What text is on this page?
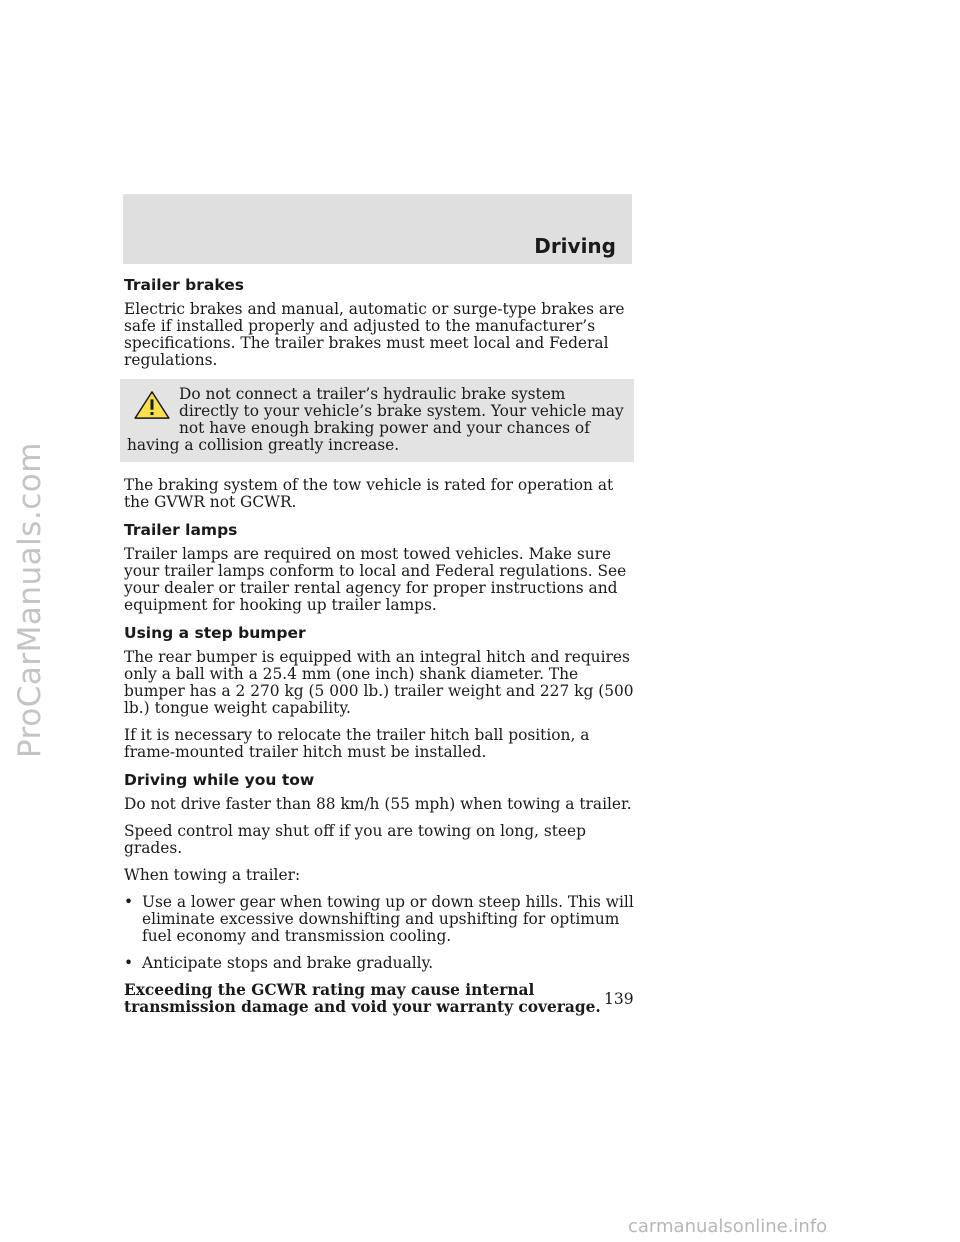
ProCarManuals.com
Driving
Trailer brakes

Electric brakes and manual, automatic or surge-type brakes are safe if installed properly and adjusted to the manufacturer’s specifications. The trailer brakes must meet local and Federal regulations.

Do not connect a trailer’s hydraulic brake system directly to your vehicle’s brake system. Your vehicle may not have enough braking power and your chances of having a collision greatly increase.

The braking system of the tow vehicle is rated for operation at the GVWR not GCWR.

Trailer lamps

Trailer lamps are required on most towed vehicles. Make sure your trailer lamps conform to local and Federal regulations. See your dealer or trailer rental agency for proper instructions and equipment for hooking up trailer lamps.

Using a step bumper

The rear bumper is equipped with an integral hitch and requires only a ball with a 25.4 mm (one inch) shank diameter. The bumper has a 2 270 kg (5 000 lb.) trailer weight and 227 kg (500 lb.) tongue weight capability.

If it is necessary to relocate the trailer hitch ball position, a frame-mounted trailer hitch must be installed.

Driving while you tow

Do not drive faster than 88 km/h (55 mph) when towing a trailer.

Speed control may shut off if you are towing on long, steep grades.

When towing a trailer:

• Use a lower gear when towing up or down steep hills. This will eliminate excessive downshifting and upshifting for optimum fuel economy and transmission cooling.
• Anticipate stops and brake gradually.

Exceeding the GCWR rating may cause internal transmission damage and void your warranty coverage. 139
carmanualsonline.info
